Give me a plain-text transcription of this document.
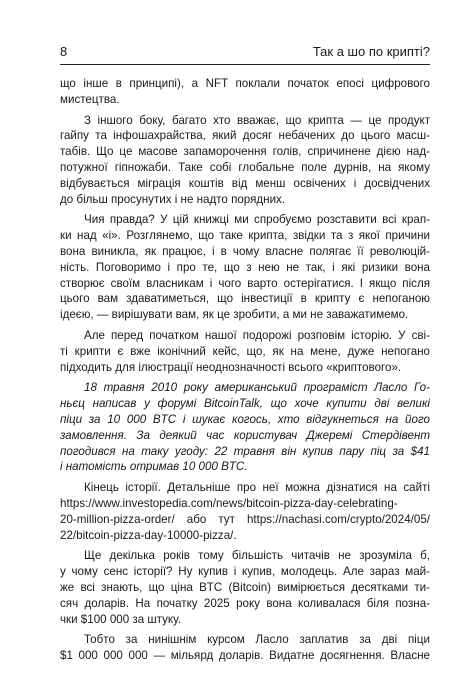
8	Так а шо по крипті?
що інше в принципі), а NFT поклали початок епосі цифрового
мистецтва.
З іншого боку, багато хто вважає, що крипта — це продукт
гайпу та інфошахрайства, який досяг небачених до цього масш-
табів. Що це масове запаморочення голів, спричинене дією над-
потужної гіпножаби. Таке собі глобальне поле дурнів, на якому
відбувається міграція коштів від менш освічених і досвідчених
до більш просунутих і не надто порядних.
Чия правда? У цій книжці ми спробуємо розставити всі крап-
ки над «і». Розглянемо, що таке крипта, звідки та з якої причини
вона виникла, як працює, і в чому власне полягає її революцій-
ність. Поговоримо і про те, що з нею не так, і які ризики вона
створює своїм власникам і чого варто остерігатися. І якщо після
цього вам здаватиметься, що інвестиції в крипту є непоганою
ідеєю, — вирішувати вам, як це зробити, а ми не заважатимемо.
Але перед початком нашої подорожі розповім історію. У сві-
ті крипти є вже іконічний кейс, що, як на мене, дуже непогано
підходить для ілюстрації неоднозначності всього «криптового».
18 травня 2010 року американський програміст Ласло Го-
ньєц написав у форумі BitcoinTalk, що хоче купити дві великі
піци за 10 000 BTC і шукає когось, хто відгукнеться на його
замовлення. За деякий час користувач Джеремі Стердівент
погодився на таку угоду: 22 травня він купив пару піц за $41
і натомість отримав 10 000 BTC.
Кінець історії. Детальніше про неї можна дізнатися на сайті
https://www.investopedia.com/news/bitcoin-pizza-day-celebrating-
20-million-pizza-order/ або тут https://nachasi.com/crypto/2024/05/
22/bitcoin-pizza-day-10000-pizza/.
Ще декілька років тому більшість читачів не зрозуміла б,
у чому сенс історії? Ну купив і купив, молодець. Але зараз май-
же всі знають, що ціна BTC (Bitcoin) вимірюється десятками ти-
сяч доларів. На початку 2025 року вона коливалася біля позна-
чки $100 000 за штуку.
Тобто за нинішнім курсом Ласло заплатив за дві піци
$1 000 000 000 — мільярд доларів. Видатне досягнення. Власне
